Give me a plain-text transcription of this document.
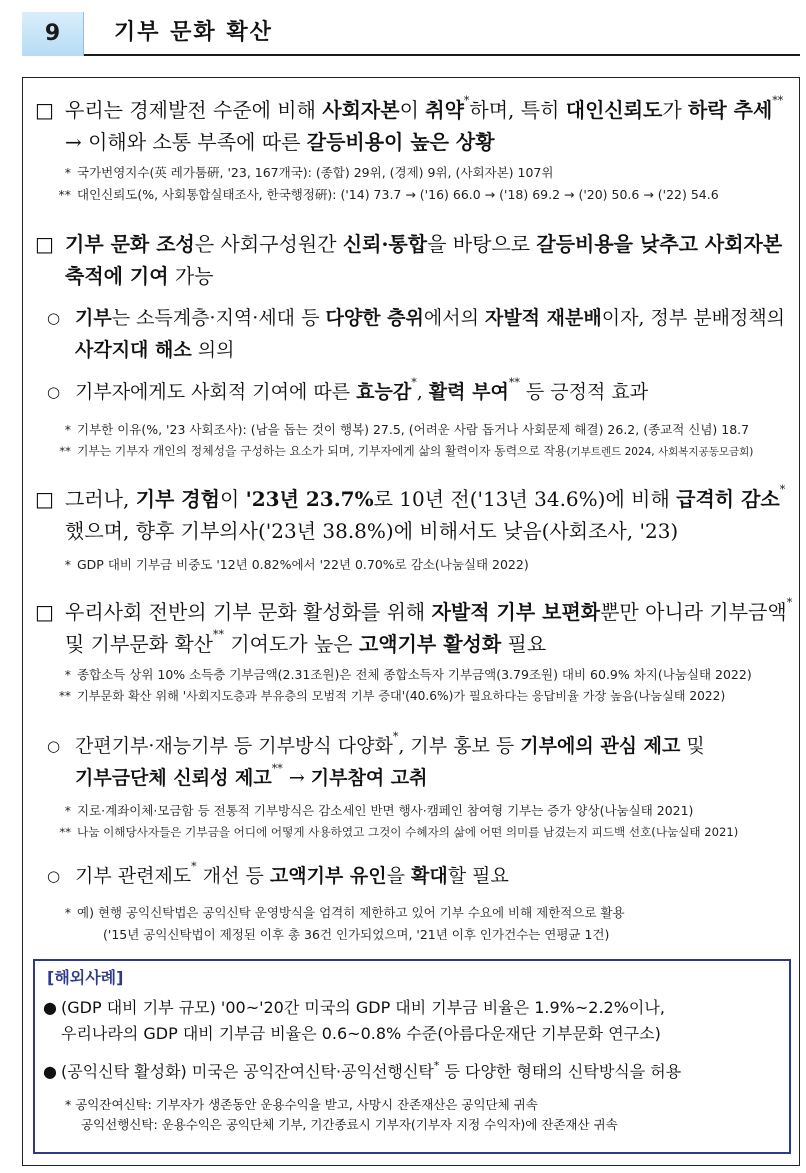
9	기부 문화 확산
□ 우리는 경제발전 수준에 비해 사회자본이 취약*하며, 특히 대인신뢰도가 하락 추세** → 이해와 소통 부족에 따른 갈등비용이 높은 상황
* 국가번영지수(英 레가툼硏, '23, 167개국): (종합) 29위, (경제) 9위, (사회자본) 107위
** 대인신뢰도(%, 사회통합실태조사, 한국행정硏): ('14) 73.7 → ('16) 66.0 → ('18) 69.2 → ('20) 50.6 → ('22) 54.6
□ 기부 문화 조성은 사회구성원간 신뢰·통합을 바탕으로 갈등비용을 낮추고 사회자본 축적에 기여 가능
○ 기부는 소득계층·지역·세대 등 다양한 층위에서의 자발적 재분배이자, 정부 분배정책의 사각지대 해소 의의
○ 기부자에게도 사회적 기여에 따른 효능감*, 활력 부여** 등 긍정적 효과
* 기부한 이유(%, '23 사회조사): (남을 돕는 것이 행복) 27.5, (어려운 사람 돕거나 사회문제 해결) 26.2, (종교적 신념) 18.7
** 기부는 기부자 개인의 정체성을 구성하는 요소가 되며, 기부자에게 삶의 활력이자 동력으로 작용(기부트렌드 2024, 사회복지공동모금회)
□ 그러나, 기부 경험이 '23년 23.7%로 10년 전('13년 34.6%)에 비해 급격히 감소*했으며, 향후 기부의사('23년 38.8%)에 비해서도 낮음(사회조사, '23)
* GDP 대비 기부금 비중도 '12년 0.82%에서 '22년 0.70%로 감소(나눔실태 2022)
□ 우리사회 전반의 기부 문화 활성화를 위해 자발적 기부 보편화뿐만 아니라 기부금액* 및 기부문화 확산** 기여도가 높은 고액기부 활성화 필요
* 종합소득 상위 10% 소득층 기부금액(2.31조원)은 전체 종합소득자 기부금액(3.79조원) 대비 60.9% 차지(나눔실태 2022)
** 기부문화 확산 위해 '사회지도층과 부유층의 모범적 기부 증대'(40.6%)가 필요하다는 응답비율 가장 높음(나눔실태 2022)
○ 간편기부·재능기부 등 기부방식 다양화*, 기부 홍보 등 기부에의 관심 제고 및 기부금단체 신뢰성 제고** → 기부참여 고취
* 지로·계좌이체·모금함 등 전통적 기부방식은 감소세인 반면 행사·캠페인 참여형 기부는 증가 양상(나눔실태 2021)
** 나눔 이해당사자들은 기부금을 어디에 어떻게 사용하였고 그것이 수혜자의 삶에 어떤 의미를 남겼는지 피드백 선호(나눔실태 2021)
○ 기부 관련제도* 개선 등 고액기부 유인을 확대할 필요
* 예) 현행 공익신탁법은 공익신탁 운영방식을 엄격히 제한하고 있어 기부 수요에 비해 제한적으로 활용
('15년 공익신탁법이 제정된 이후 총 36건 인가되었으며, '21년 이후 인가건수는 연평균 1건)
[해외사례]
● (GDP 대비 기부 규모) '00~'20간 미국의 GDP 대비 기부금 비율은 1.9%~2.2%이나,
우리나라의 GDP 대비 기부금 비율은 0.6~0.8% 수준(아름다운재단 기부문화 연구소)
● (공익신탁 활성화) 미국은 공익잔여신탁·공익선행신탁* 등 다양한 형태의 신탁방식을 허용
* 공익잔여신탁: 기부자가 생존동안 운용수익을 받고, 사망시 잔존재산은 공익단체 귀속
공익선행신탁: 운용수익은 공익단체 기부, 기간종료시 기부자(기부자 지정 수익자)에 잔존재산 귀속
